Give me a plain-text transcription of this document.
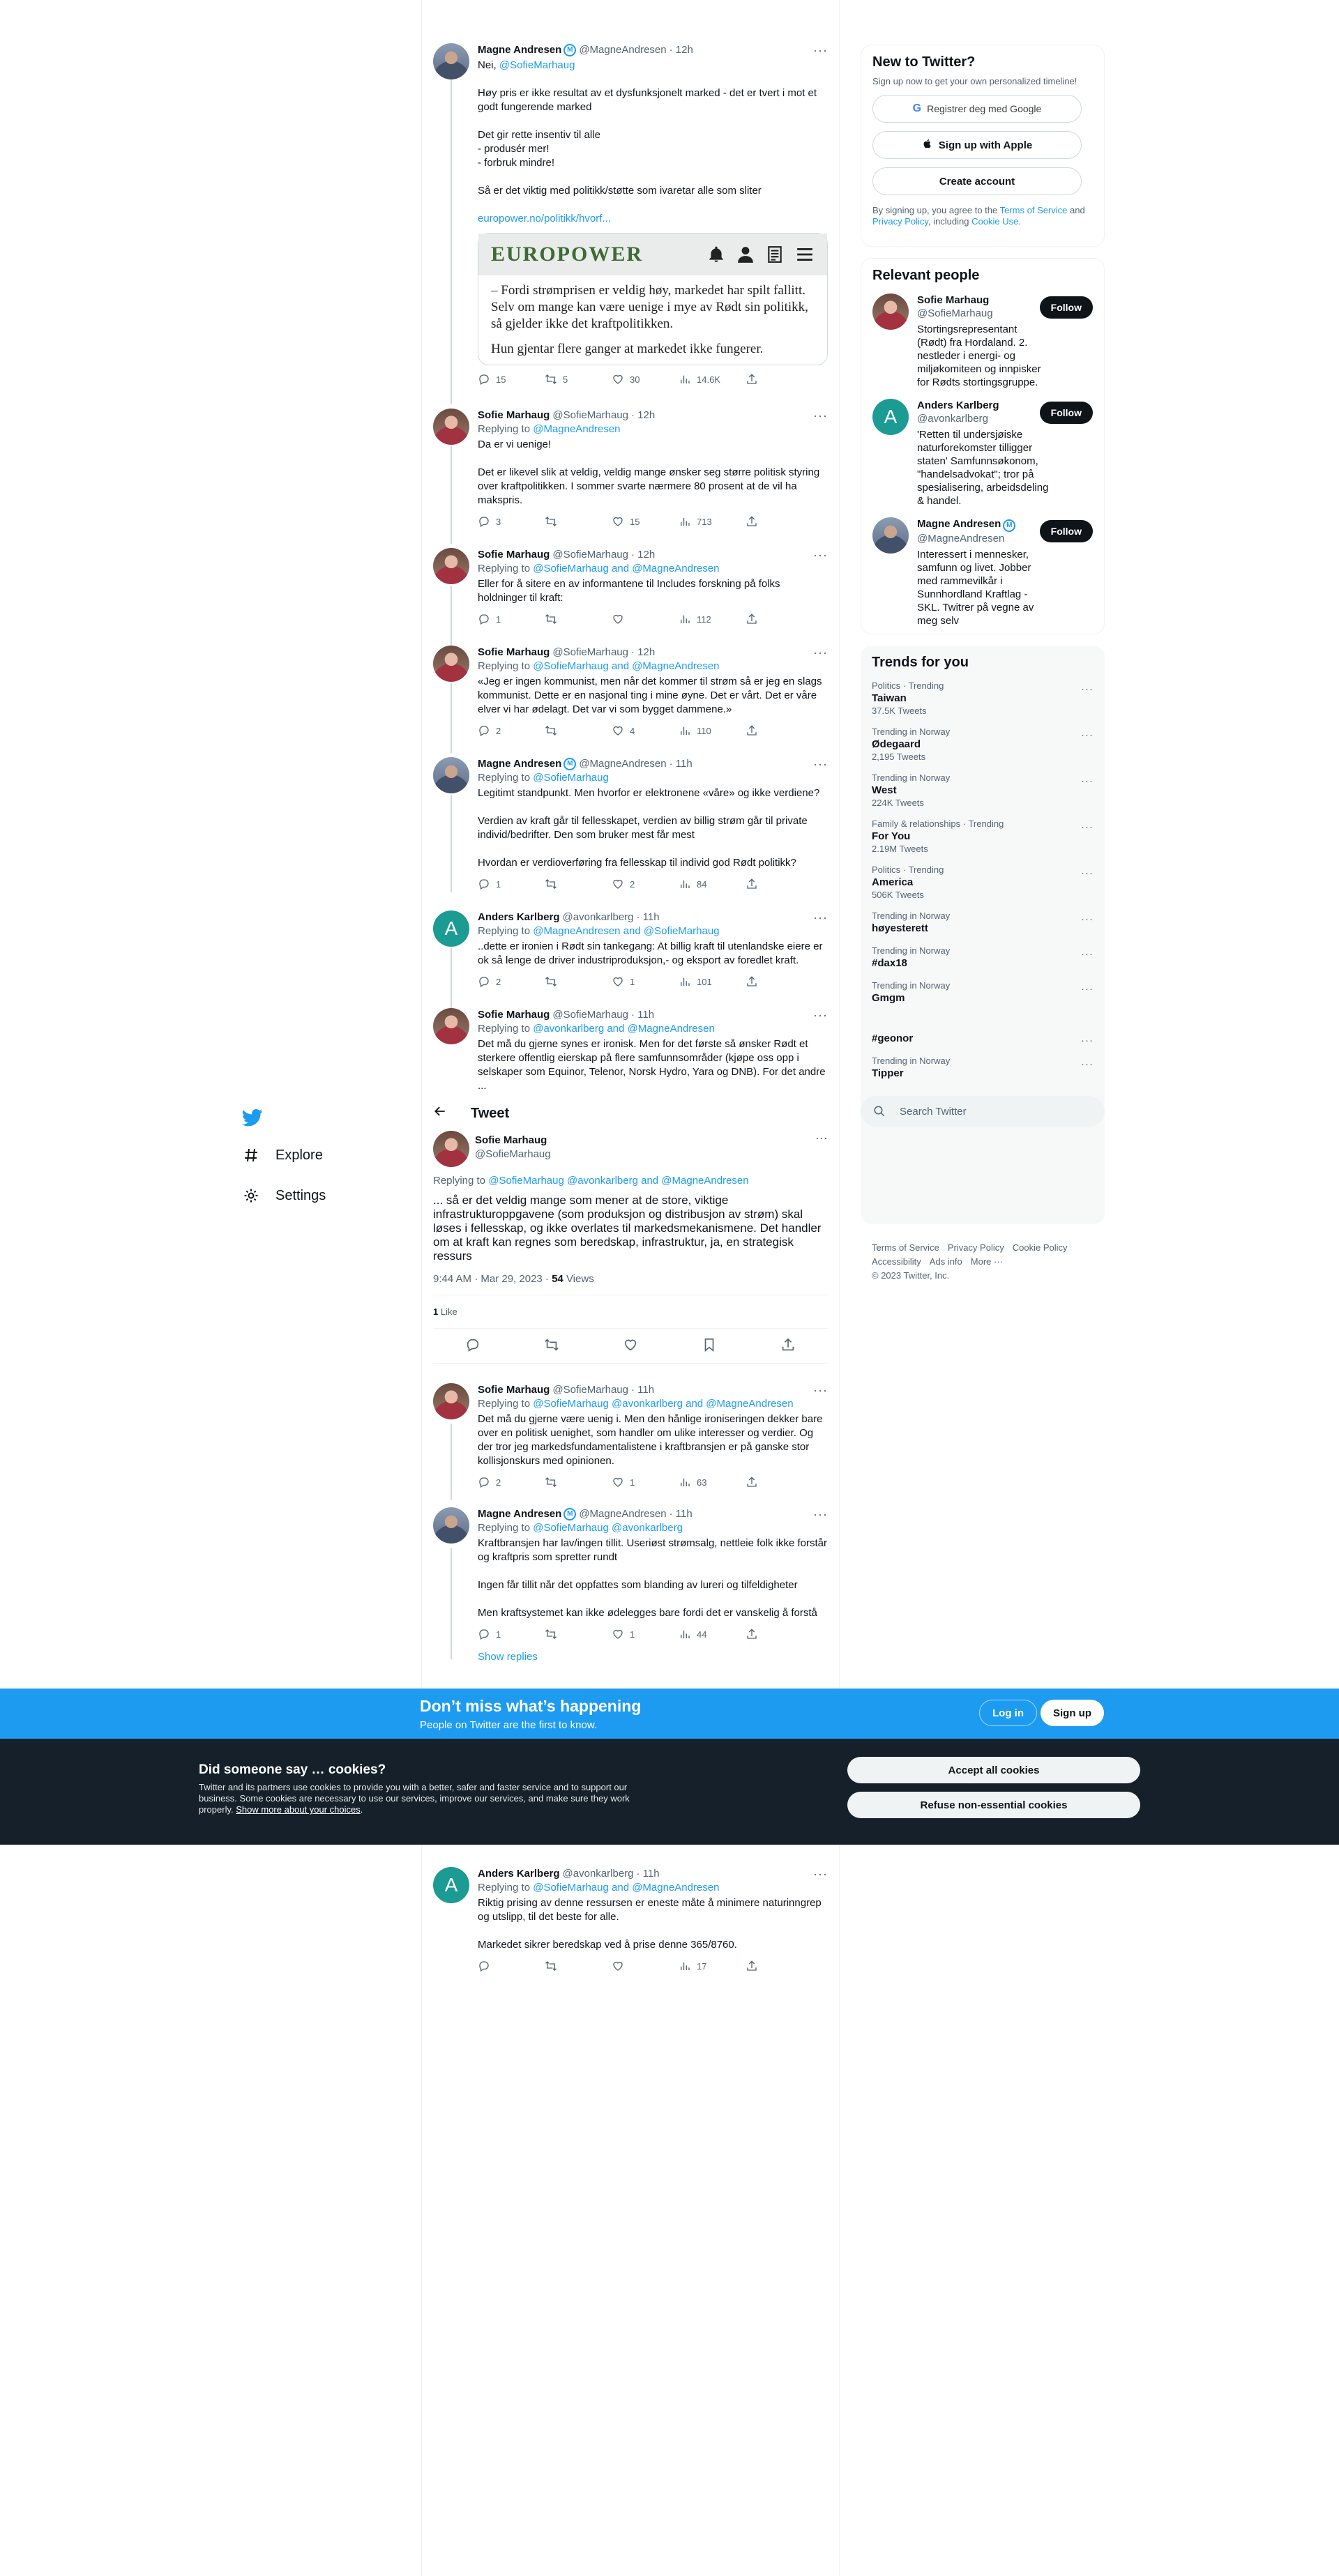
Explore
Settings
Magne Andresen M @MagneAndresen · 12h	···
Nei, @SofieMarhaug

Høy pris er ikke resultat av et dysfunksjonelt marked - det er tvert i mot et godt fungerende marked

Det gir rette insentiv til alle
- produsér mer!
- forbruk mindre!

Så er det viktig med politikk/støtte som ivaretar alle som sliter

europower.no/politikk/hvorf...
EUROPOWER

– Fordi strømprisen er veldig høy, markedet har spilt fallitt. Selv om mange kan være uenige i mye av Rødt sin politikk, så gjelder ikke det kraftpolitikken.

Hun gjentar flere ganger at markedet ikke fungerer.

15	5	30	14.6K
Sofie Marhaug @SofieMarhaug · 12h	···
Replying to @MagneAndresen
Da er vi uenige!

Det er likevel slik at veldig, veldig mange ønsker seg større politisk styring over kraftpolitikken. I sommer svarte nærmere 80 prosent at de vil ha makspris.
3	15	713
Sofie Marhaug @SofieMarhaug · 12h	···
Replying to @SofieMarhaug and @MagneAndresen
Eller for å sitere en av informantene til Includes forskning på folks holdninger til kraft:
1	112
Sofie Marhaug @SofieMarhaug · 12h	···
Replying to @SofieMarhaug and @MagneAndresen
«Jeg er ingen kommunist, men når det kommer til strøm så er jeg en slags kommunist. Dette er en nasjonal ting i mine øyne. Det er vårt. Det er våre elver vi har ødelagt. Det var vi som bygget dammene.»
2	4	110
Magne Andresen M @MagneAndresen · 11h	···
Replying to @SofieMarhaug
Legitimt standpunkt. Men hvorfor er elektronene «våre» og ikke verdiene?

Verdien av kraft går til fellesskapet, verdien av billig strøm går til private individ/bedrifter. Den som bruker mest får mest

Hvordan er verdioverføring fra fellesskap til individ god Rødt politikk?
1	2	84
A
Anders Karlberg @avonkarlberg · 11h	···
Replying to @MagneAndresen and @SofieMarhaug
..dette er ironien i Rødt sin tankegang: At billig kraft til utenlandske eiere er ok så lenge de driver industriproduksjon,- og eksport av foredlet kraft.
2	1	101
Sofie Marhaug @SofieMarhaug · 11h	···
Replying to @avonkarlberg and @MagneAndresen
Det må du gjerne synes er ironisk. Men for det første så ønsker Rødt et sterkere offentlig eierskap på flere samfunnsområder (kjøpe oss opp i selskaper som Equinor, Telenor, Norsk Hydro, Yara og DNB). For det andre ...
Tweet
Sofie Marhaug
@SofieMarhaug
···
Replying to @SofieMarhaug @avonkarlberg and @MagneAndresen
... så er det veldig mange som mener at de store, viktige infrastrukturoppgavene (som produksjon og distribusjon av strøm) skal løses i fellesskap, og ikke overlates til markedsmekanismene. Det handler om at kraft kan regnes som beredskap, infrastruktur, ja, en strategisk ressurs
9:44 AM · Mar 29, 2023 · 54 Views
1 Like
Sofie Marhaug @SofieMarhaug · 11h	···
Replying to @SofieMarhaug @avonkarlberg and @MagneAndresen
Det må du gjerne være uenig i. Men den hånlige ironiseringen dekker bare over en politisk uenighet, som handler om ulike interesser og verdier. Og der tror jeg markedsfundamentalistene i kraftbransjen er på ganske stor kollisjonskurs med opinionen.
2	1	63
Magne Andresen M @MagneAndresen · 11h	···
Replying to @SofieMarhaug @avonkarlberg
Kraftbransjen har lav/ingen tillit. Useriøst strømsalg, nettleie folk ikke forstår og kraftpris som spretter rundt

Ingen får tillit når det oppfattes som blanding av lureri og tilfeldigheter

Men kraftsystemet kan ikke ødelegges bare fordi det er vanskelig å forstå
1	1	44
Show replies
A
Anders Karlberg @avonkarlberg · 11h	···
Replying to @SofieMarhaug and @MagneAndresen
Riktig prising av denne ressursen er eneste måte å minimere naturinngrep og utslipp, til det beste for alle.

Markedet sikrer beredskap ved å prise denne 365/8760.
17
New to Twitter?
Sign up now to get your own personalized timeline!
G Registrer deg med Google
Sign up with Apple
Create account
By signing up, you agree to the Terms of Service and
Privacy Policy, including Cookie Use.
Relevant people
Sofie Marhaug
@SofieMarhaug
Stortingsrepresentant (Rødt) fra Hordaland. 2. nestleder i energi- og miljøkomiteen og innpisker for Rødts stortingsgruppe.
Follow
A
Anders Karlberg
@avonkarlberg
'Retten til undersjøiske naturforekomster tilligger staten' Samfunnsøkonom, "handelsadvokat"; tror på spesialisering, arbeidsdeling & handel.
Follow
Magne Andresen M
@MagneAndresen
Interessert i mennesker, samfunn og livet. Jobber med rammevilkår i Sunnhordland Kraftlag - SKL. Twitrer på vegne av meg selv
Follow
Trends for you
Politics · Trending
Taiwan
37.5K Tweets
···
Trending in Norway
Ødegaard
2,195 Tweets
···
Trending in Norway
West
224K Tweets
···
Family & relationships · Trending
For You
2.19M Tweets
···
Politics · Trending
America
506K Tweets
···
Trending in Norway
høyesterett
···
Trending in Norway
#dax18
···
Trending in Norway
Gmgm
···
#geonor	···
Trending in Norway
Tipper
···
Search Twitter
Terms of Service Privacy Policy Cookie Policy
Accessibility Ads info More ···
© 2023 Twitter, Inc.
Don’t miss what’s happening
People on Twitter are the first to know.
Log in	Sign up
Did someone say … cookies?
Twitter and its partners use cookies to provide you with a better, safer and faster service and to support our business. Some cookies are necessary to use our services, improve our services, and make sure they work properly. Show more about your choices.
Accept all cookies
Refuse non-essential cookies
